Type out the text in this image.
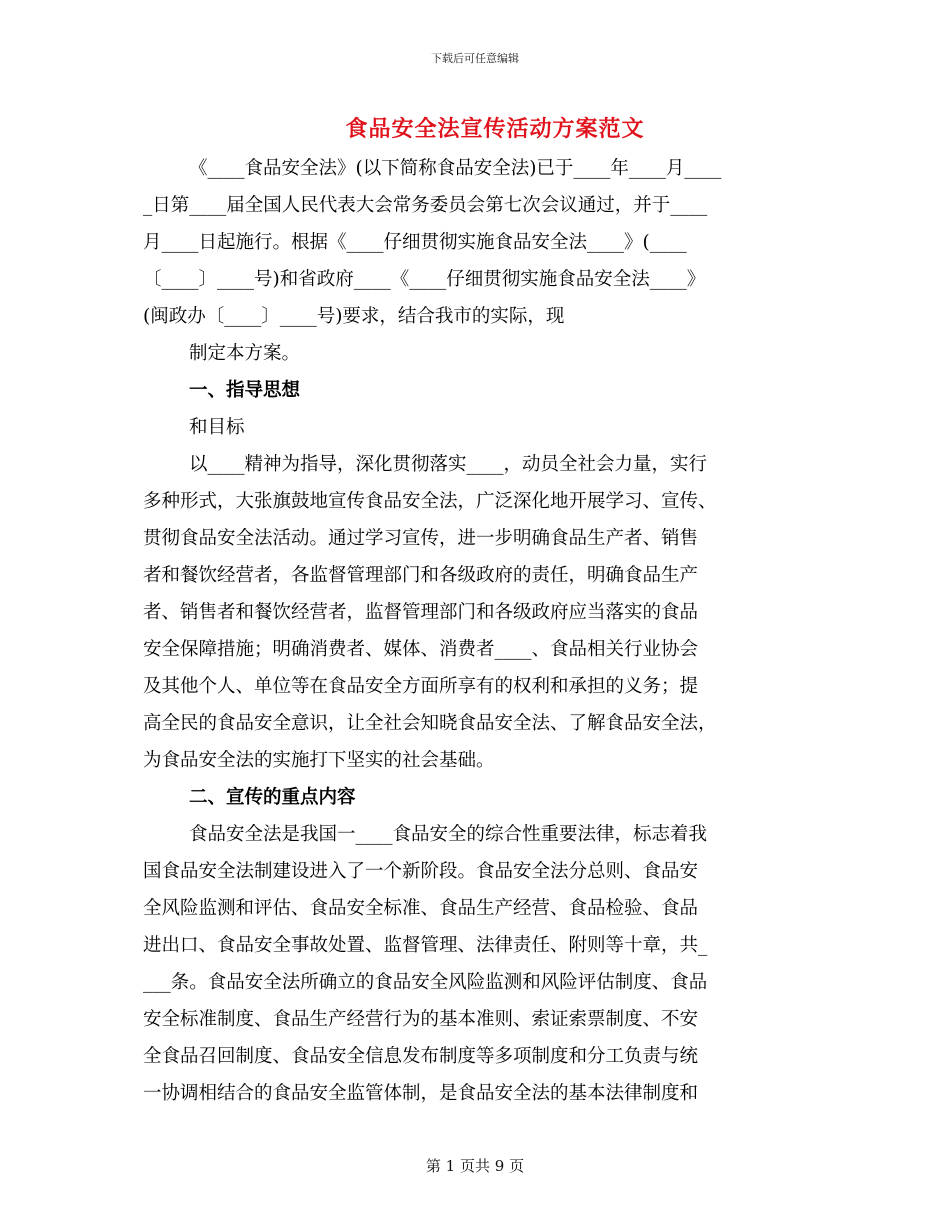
下载后可任意编辑
食品安全法宣传活动方案范文
《____食品安全法》(以下简称食品安全法)已于____年____月____
_日第____届全国人民代表大会常务委员会第七次会议通过，并于____
月____日起施行。根据《____仔细贯彻实施食品安全法____》(____
〔____〕____号)和省政府____《____仔细贯彻实施食品安全法____》
(闽政办〔____〕____号)要求，结合我市的实际，现
制定本方案。
一、指导思想
和目标
以____精神为指导，深化贯彻落实____，动员全社会力量，实行
多种形式，大张旗鼓地宣传食品安全法，广泛深化地开展学习、宣传、
贯彻食品安全法活动。通过学习宣传，进一步明确食品生产者、销售
者和餐饮经营者，各监督管理部门和各级政府的责任，明确食品生产
者、销售者和餐饮经营者，监督管理部门和各级政府应当落实的食品
安全保障措施；明确消费者、媒体、消费者____、食品相关行业协会
及其他个人、单位等在食品安全方面所享有的权利和承担的义务；提
高全民的食品安全意识，让全社会知晓食品安全法、了解食品安全法，
为食品安全法的实施打下坚实的社会基础。
二、宣传的重点内容
食品安全法是我国一____食品安全的综合性重要法律，标志着我
国食品安全法制建设进入了一个新阶段。食品安全法分总则、食品安
全风险监测和评估、食品安全标准、食品生产经营、食品检验、食品
进出口、食品安全事故处置、监督管理、法律责任、附则等十章，共_
___条。食品安全法所确立的食品安全风险监测和风险评估制度、食品
安全标准制度、食品生产经营行为的基本准则、索证索票制度、不安
全食品召回制度、食品安全信息发布制度等多项制度和分工负责与统
一协调相结合的食品安全监管体制，是食品安全法的基本法律制度和
第 1 页共 9 页
